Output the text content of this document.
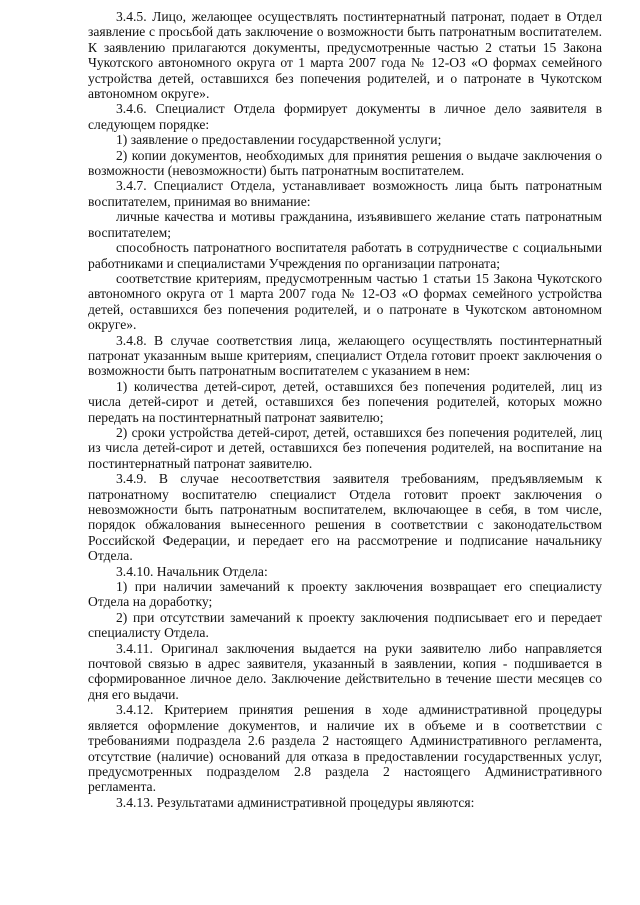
3.4.5. Лицо, желающее осуществлять постинтернатный патронат, подает в Отдел заявление с просьбой дать заключение о возможности быть патронатным воспитателем. К заявлению прилагаются документы, предусмотренные частью 2 статьи 15 Закона Чукотского автономного округа от 1 марта 2007 года № 12-ОЗ «О формах семейного устройства детей, оставшихся без попечения родителей, и о патронате в Чукотском автономном округе».

3.4.6. Специалист Отдела формирует документы в личное дело заявителя в следующем порядке:

1) заявление о предоставлении государственной услуги;

2) копии документов, необходимых для принятия решения о выдаче заключения о возможности (невозможности) быть патронатным воспитателем.

3.4.7. Специалист Отдела, устанавливает возможность лица быть патронатным воспитателем, принимая во внимание:

личные качества и мотивы гражданина, изъявившего желание стать патронатным воспитателем;

способность патронатного воспитателя работать в сотрудничестве с социальными работниками и специалистами Учреждения по организации патроната;

соответствие критериям, предусмотренным частью 1 статьи 15 Закона Чукотского автономного округа от 1 марта 2007 года № 12-ОЗ «О формах семейного устройства детей, оставшихся без попечения родителей, и о патронате в Чукотском автономном округе».

3.4.8. В случае соответствия лица, желающего осуществлять постинтернатный патронат указанным выше критериям, специалист Отдела готовит проект заключения о возможности быть патронатным воспитателем с указанием в нем:

1) количества детей-сирот, детей, оставшихся без попечения родителей, лиц из числа детей-сирот и детей, оставшихся без попечения родителей, которых можно передать на постинтернатный патронат заявителю;

2) сроки устройства детей-сирот, детей, оставшихся без попечения родителей, лиц из числа детей-сирот и детей, оставшихся без попечения родителей, на воспитание на постинтернатный патронат заявителю.

3.4.9. В случае несоответствия заявителя требованиям, предъявляемым к патронатному воспитателю специалист Отдела готовит проект заключения о невозможности быть патронатным воспитателем, включающее в себя, в том числе, порядок обжалования вынесенного решения в соответствии с законодательством Российской Федерации, и передает его на рассмотрение и подписание начальнику Отдела.

3.4.10. Начальник Отдела:

1) при наличии замечаний к проекту заключения возвращает его специалисту Отдела на доработку;

2) при отсутствии замечаний к проекту заключения подписывает его и передает специалисту Отдела.

3.4.11. Оригинал заключения выдается на руки заявителю либо направляется почтовой связью в адрес заявителя, указанный в заявлении, копия - подшивается в сформированное личное дело. Заключение действительно в течение шести месяцев со дня его выдачи.

3.4.12. Критерием принятия решения в ходе административной процедуры является оформление документов, и наличие их в объеме и в соответствии с требованиями подраздела 2.6 раздела 2 настоящего Административного регламента, отсутствие (наличие) оснований для отказа в предоставлении государственных услуг, предусмотренных подразделом 2.8 раздела 2 настоящего Административного регламента.

3.4.13. Результатами административной процедуры являются:
